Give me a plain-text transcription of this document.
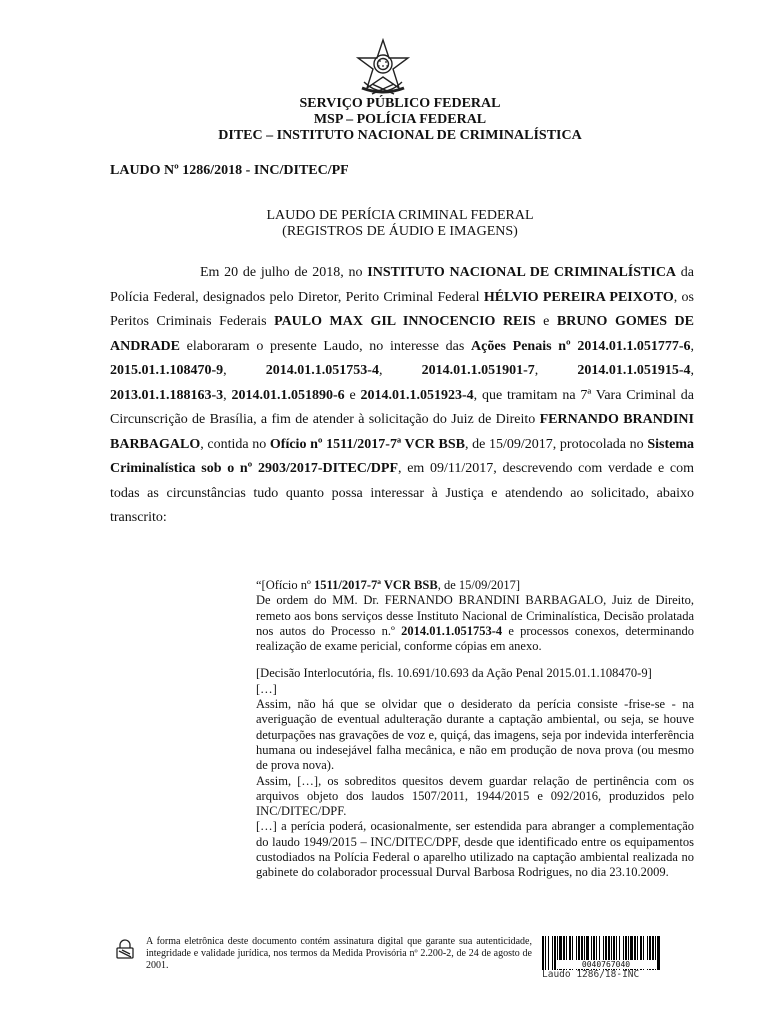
SERVIÇO PÚBLICO FEDERAL

MSP – POLÍCIA FEDERAL

DITEC – INSTITUTO NACIONAL DE CRIMINALÍSTICA

LAUDO Nº 1286/2018 - INC/DITEC/PF

LAUDO DE PERÍCIA CRIMINAL FEDERAL

(REGISTROS DE ÁUDIO E IMAGENS)

Em 20 de julho de 2018, no INSTITUTO NACIONAL DE CRIMINALÍSTICA da Polícia Federal, designados pelo Diretor, Perito Criminal Federal HÉLVIO PEREIRA PEIXOTO, os Peritos Criminais Federais PAULO MAX GIL INNOCENCIO REIS e BRUNO GOMES DE ANDRADE elaboraram o presente Laudo, no interesse das Ações Penais nº 2014.01.1.051777-6, 2015.01.1.108470-9, 2014.01.1.051753-4, 2014.01.1.051901-7, 2014.01.1.051915-4, 2013.01.1.188163-3, 2014.01.1.051890-6 e 2014.01.1.051923-4, que tramitam na 7ª Vara Criminal da Circunscrição de Brasília, a fim de atender à solicitação do Juiz de Direito FERNANDO BRANDINI BARBAGALO, contida no Ofício nº 1511/2017-7ª VCR BSB, de 15/09/2017, protocolada no Sistema Criminalística sob o nº 2903/2017-DITEC/DPF, em 09/11/2017, descrevendo com verdade e com todas as circunstâncias tudo quanto possa interessar à Justiça e atendendo ao solicitado, abaixo transcrito:

“[Ofício nº 1511/2017-7ª VCR BSB, de 15/09/2017]

De ordem do MM. Dr. FERNANDO BRANDINI BARBAGALO, Juiz de Direito, remeto aos bons serviços desse Instituto Nacional de Criminalística, Decisão prolatada nos autos do Processo n.º 2014.01.1.051753-4 e processos conexos, determinando realização de exame pericial, conforme cópias em anexo.

[Decisão Interlocutória, fls. 10.691/10.693 da Ação Penal 2015.01.1.108470-9]

[…]

Assim, não há que se olvidar que o desiderato da perícia consiste -frise-se - na averiguação de eventual adulteração durante a captação ambiental, ou seja, se houve deturpações nas gravações de voz e, quiçá, das imagens, seja por indevida interferência humana ou indesejável falha mecânica, e não em produção de nova prova (ou mesmo de prova nova).

Assim, […], os sobreditos quesitos devem guardar relação de pertinência com os arquivos objeto dos laudos 1507/2011, 1944/2015 e 092/2016, produzidos pelo INC/DITEC/DPF.

[…] a perícia poderá, ocasionalmente, ser estendida para abranger a complementação do laudo 1949/2015 – INC/DITEC/DPF, desde que identificado entre os equipamentos custodiados na Polícia Federal o aparelho utilizado na captação ambiental realizada no gabinete do colaborador processual Durval Barbosa Rodrigues, no dia 23.10.2009.

A forma eletrônica deste documento contém assinatura digital que garante sua autenticidade, integridade e validade jurídica, nos termos da Medida Provisória nº 2.200-2, de 24 de agosto de 2001.	0040767040

Laudo 1286/18-INC
